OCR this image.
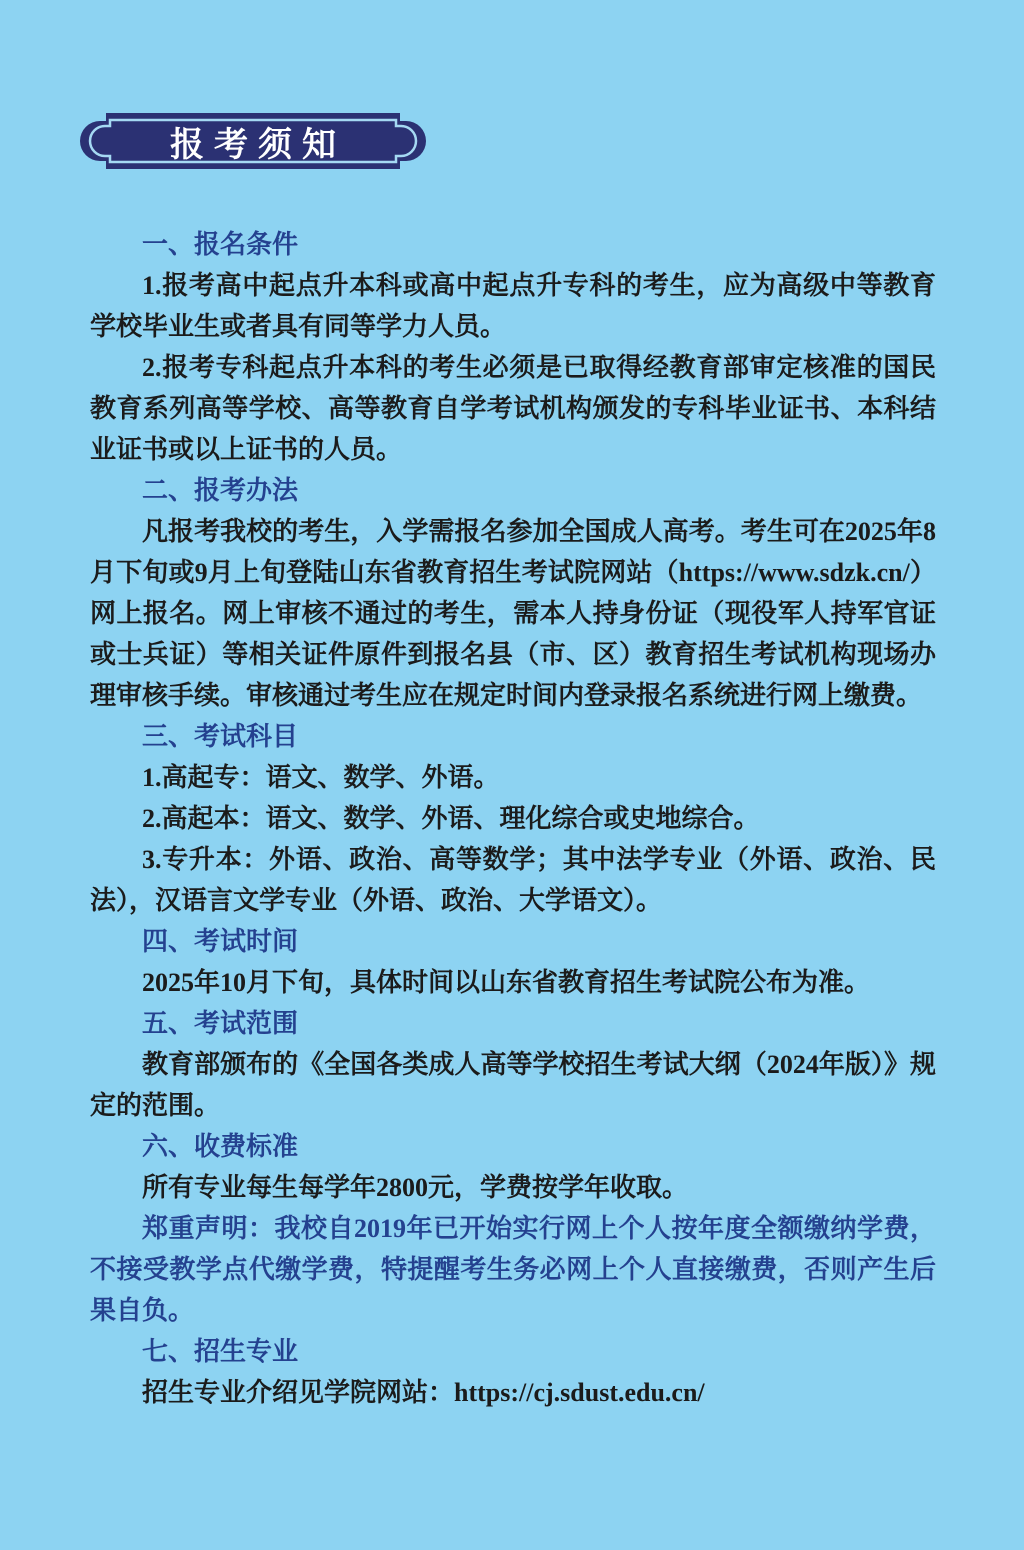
报考须知
一、报名条件
1.报考高中起点升本科或高中起点升专科的考生，应为高级中等教育学校毕业生或者具有同等学力人员。
2.报考专科起点升本科的考生必须是已取得经教育部审定核准的国民教育系列高等学校、高等教育自学考试机构颁发的专科毕业证书、本科结业证书或以上证书的人员。
二、报考办法
凡报考我校的考生，入学需报名参加全国成人高考。考生可在2025年8月下旬或9月上旬登陆山东省教育招生考试院网站（https://www.sdzk.cn/）网上报名。网上审核不通过的考生，需本人持身份证（现役军人持军官证或士兵证）等相关证件原件到报名县（市、区）教育招生考试机构现场办理审核手续。审核通过考生应在规定时间内登录报名系统进行网上缴费。
三、考试科目
1.高起专：语文、数学、外语。
2.高起本：语文、数学、外语、理化综合或史地综合。
3.专升本：外语、政治、高等数学；其中法学专业（外语、政治、民法），汉语言文学专业（外语、政治、大学语文）。
四、考试时间
2025年10月下旬，具体时间以山东省教育招生考试院公布为准。
五、考试范围
教育部颁布的《全国各类成人高等学校招生考试大纲（2024年版）》规定的范围。
六、收费标准
所有专业每生每学年2800元，学费按学年收取。
郑重声明：我校自2019年已开始实行网上个人按年度全额缴纳学费，不接受教学点代缴学费，特提醒考生务必网上个人直接缴费，否则产生后果自负。
七、招生专业
招生专业介绍见学院网站：https://cj.sdust.edu.cn/
